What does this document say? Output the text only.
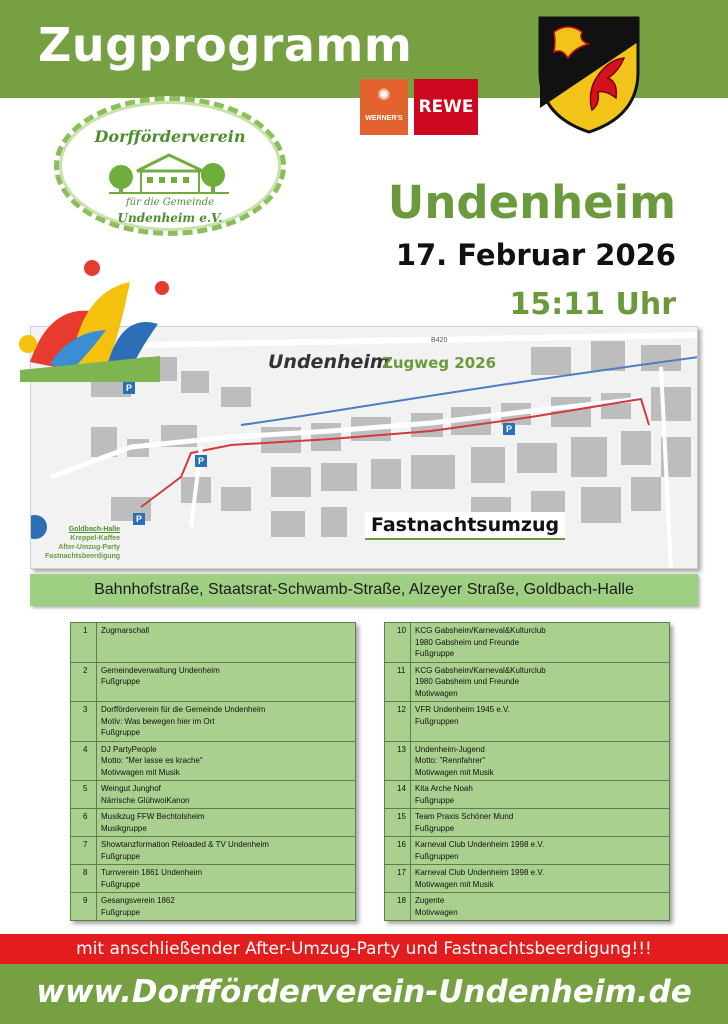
Zugprogramm
Dorfförderverein
für die Gemeinde
Undenheim e.V.
✺
WERNER'S
REWE
Undenheim
17. Februar 2026
15:11 Uhr
B420
P
P
P
P
Undenheim
Zugweg 2026
Fastnachtsumzug
Goldbach-Halle
Kreppel-Kaffee
After-Umzug-Party
Fastnachtsbeerdigung
Bahnhofstraße, Staatsrat-Schwamb-Straße, Alzeyer Straße, Goldbach-Halle
1	Zugmarschall

2	Gemeindeverwaltung Undenheim
Fußgruppe

3	Dorfförderverein für die Gemeinde Undenheim
Motiv: Was bewegen hier im Ort
Fußgruppe

4	DJ PartyPeople
Motto: "Mer lasse es krache"
Motivwagen mit Musik

5	Weingut Junghof
Närrische GlühwoiKanon

6	Musikzug FFW Bechtolsheim
Musikgruppe

7	Showtanzformation Reloaded & TV Undenheim
Fußgruppe

8	Turnverein 1861 Undenheim
Fußgruppe

9	Gesangsverein 1862
Fußgruppe
10	KCG Gabsheim/Karneval&Kulturclub
1980 Gabsheim und Freunde
Fußgruppe

11	KCG Gabsheim/Karneval&Kulturclub
1980 Gabsheim und Freunde
Motivwagen

12	VFR Undenheim 1945 e.V.
Fußgruppen

13	Undenheim-Jugend
Motto: "Rennfahrer"
Motivwagen mit Musik

14	Kita Arche Noah
Fußgruppe

15	Team Praxis Schöner Mund
Fußgruppe

16	Karneval Club Undenheim 1998 e.V.
Fußgruppen

17	Karneval Club Undenheim 1998 e.V.
Motivwagen mit Musik

18	Zugente
Motivwagen
mit anschließender After-Umzug-Party und Fastnachtsbeerdigung!!!
www.Dorfförderverein-Undenheim.de
